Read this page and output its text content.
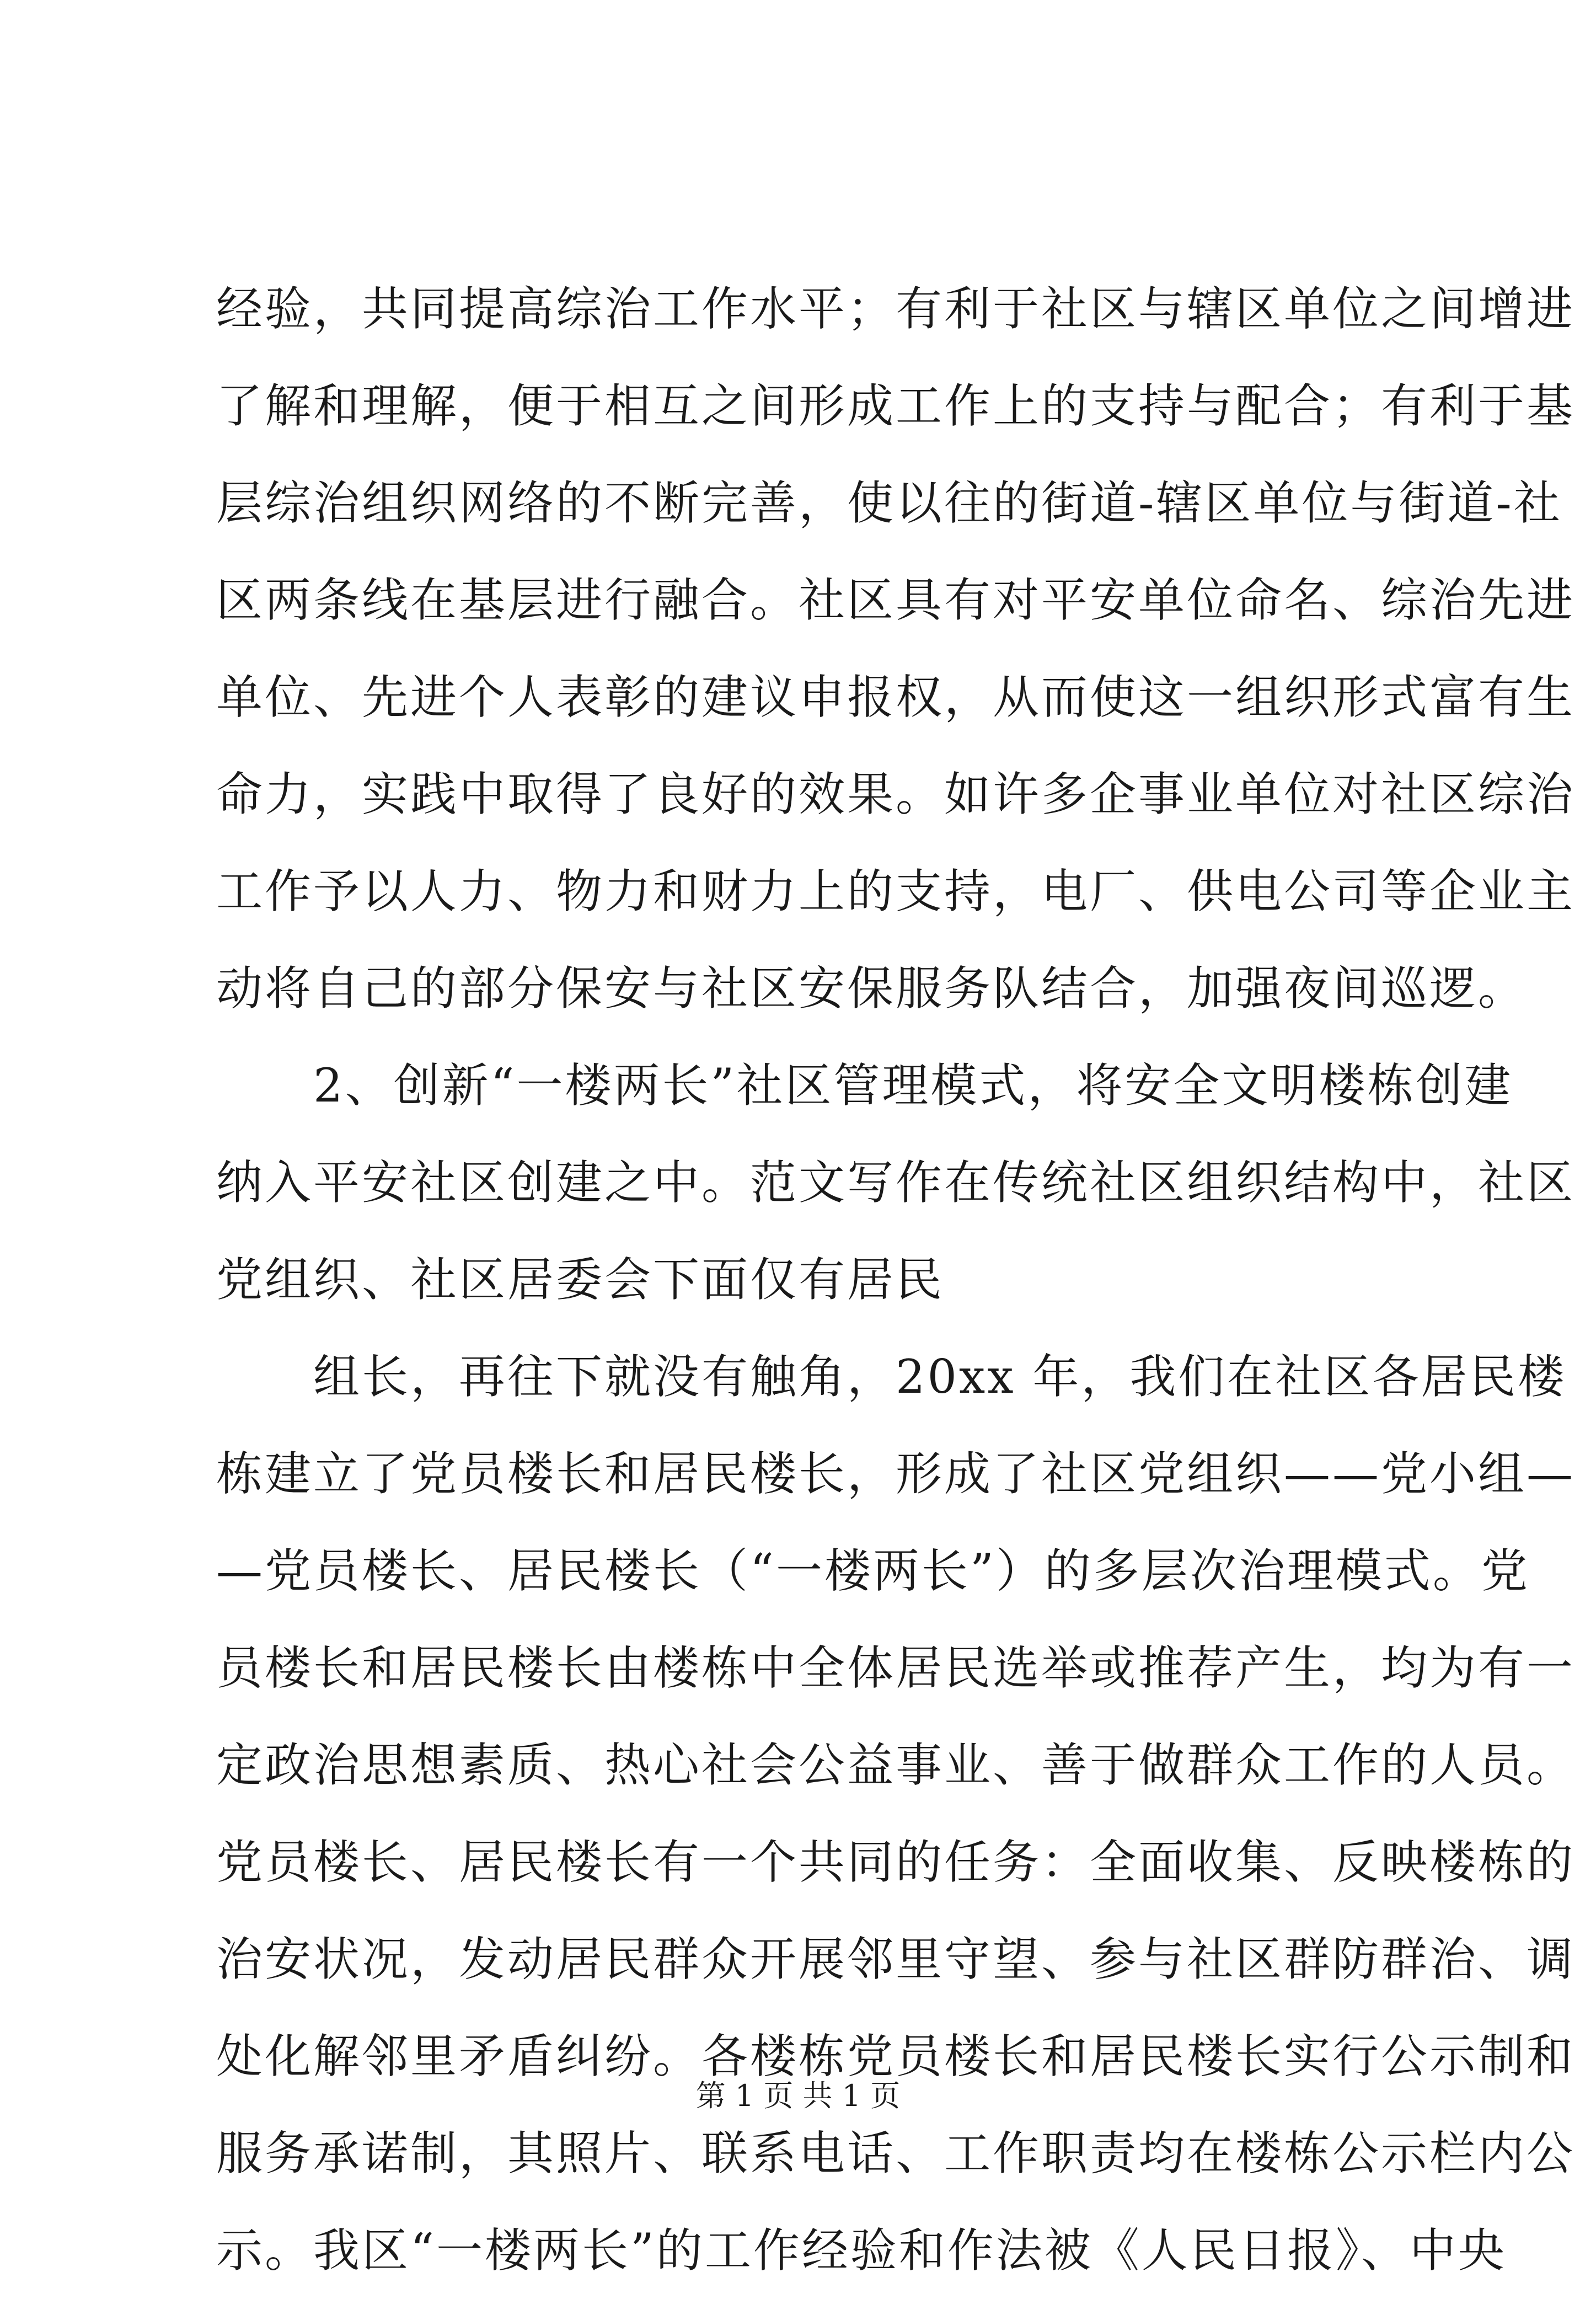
经验，共同提高综治工作水平；有利于社区与辖区单位之间增进
了解和理解，便于相互之间形成工作上的支持与配合；有利于基
层综治组织网络的不断完善，使以往的街道-辖区单位与街道-社
区两条线在基层进行融合。社区具有对平安单位命名、综治先进
单位、先进个人表彰的建议申报权，从而使这一组织形式富有生
命力，实践中取得了良好的效果。如许多企事业单位对社区综治
工作予以人力、物力和财力上的支持，电厂、供电公司等企业主
动将自己的部分保安与社区安保服务队结合，加强夜间巡逻。
　　2、创新“一楼两长”社区管理模式，将安全文明楼栋创建
纳入平安社区创建之中。范文写作在传统社区组织结构中，社区
党组织、社区居委会下面仅有居民
　　组长，再往下就没有触角，20xx 年，我们在社区各居民楼
栋建立了党员楼长和居民楼长，形成了社区党组织——党小组—
—党员楼长、居民楼长（“一楼两长”）的多层次治理模式。党
员楼长和居民楼长由楼栋中全体居民选举或推荐产生，均为有一
定政治思想素质、热心社会公益事业、善于做群众工作的人员。
党员楼长、居民楼长有一个共同的任务：全面收集、反映楼栋的
治安状况，发动居民群众开展邻里守望、参与社区群防群治、调
处化解邻里矛盾纠纷。各楼栋党员楼长和居民楼长实行公示制和
服务承诺制，其照片、联系电话、工作职责均在楼栋公示栏内公
示。我区“一楼两长”的工作经验和作法被《人民日报》、中央
第 1 页 共 1 页
